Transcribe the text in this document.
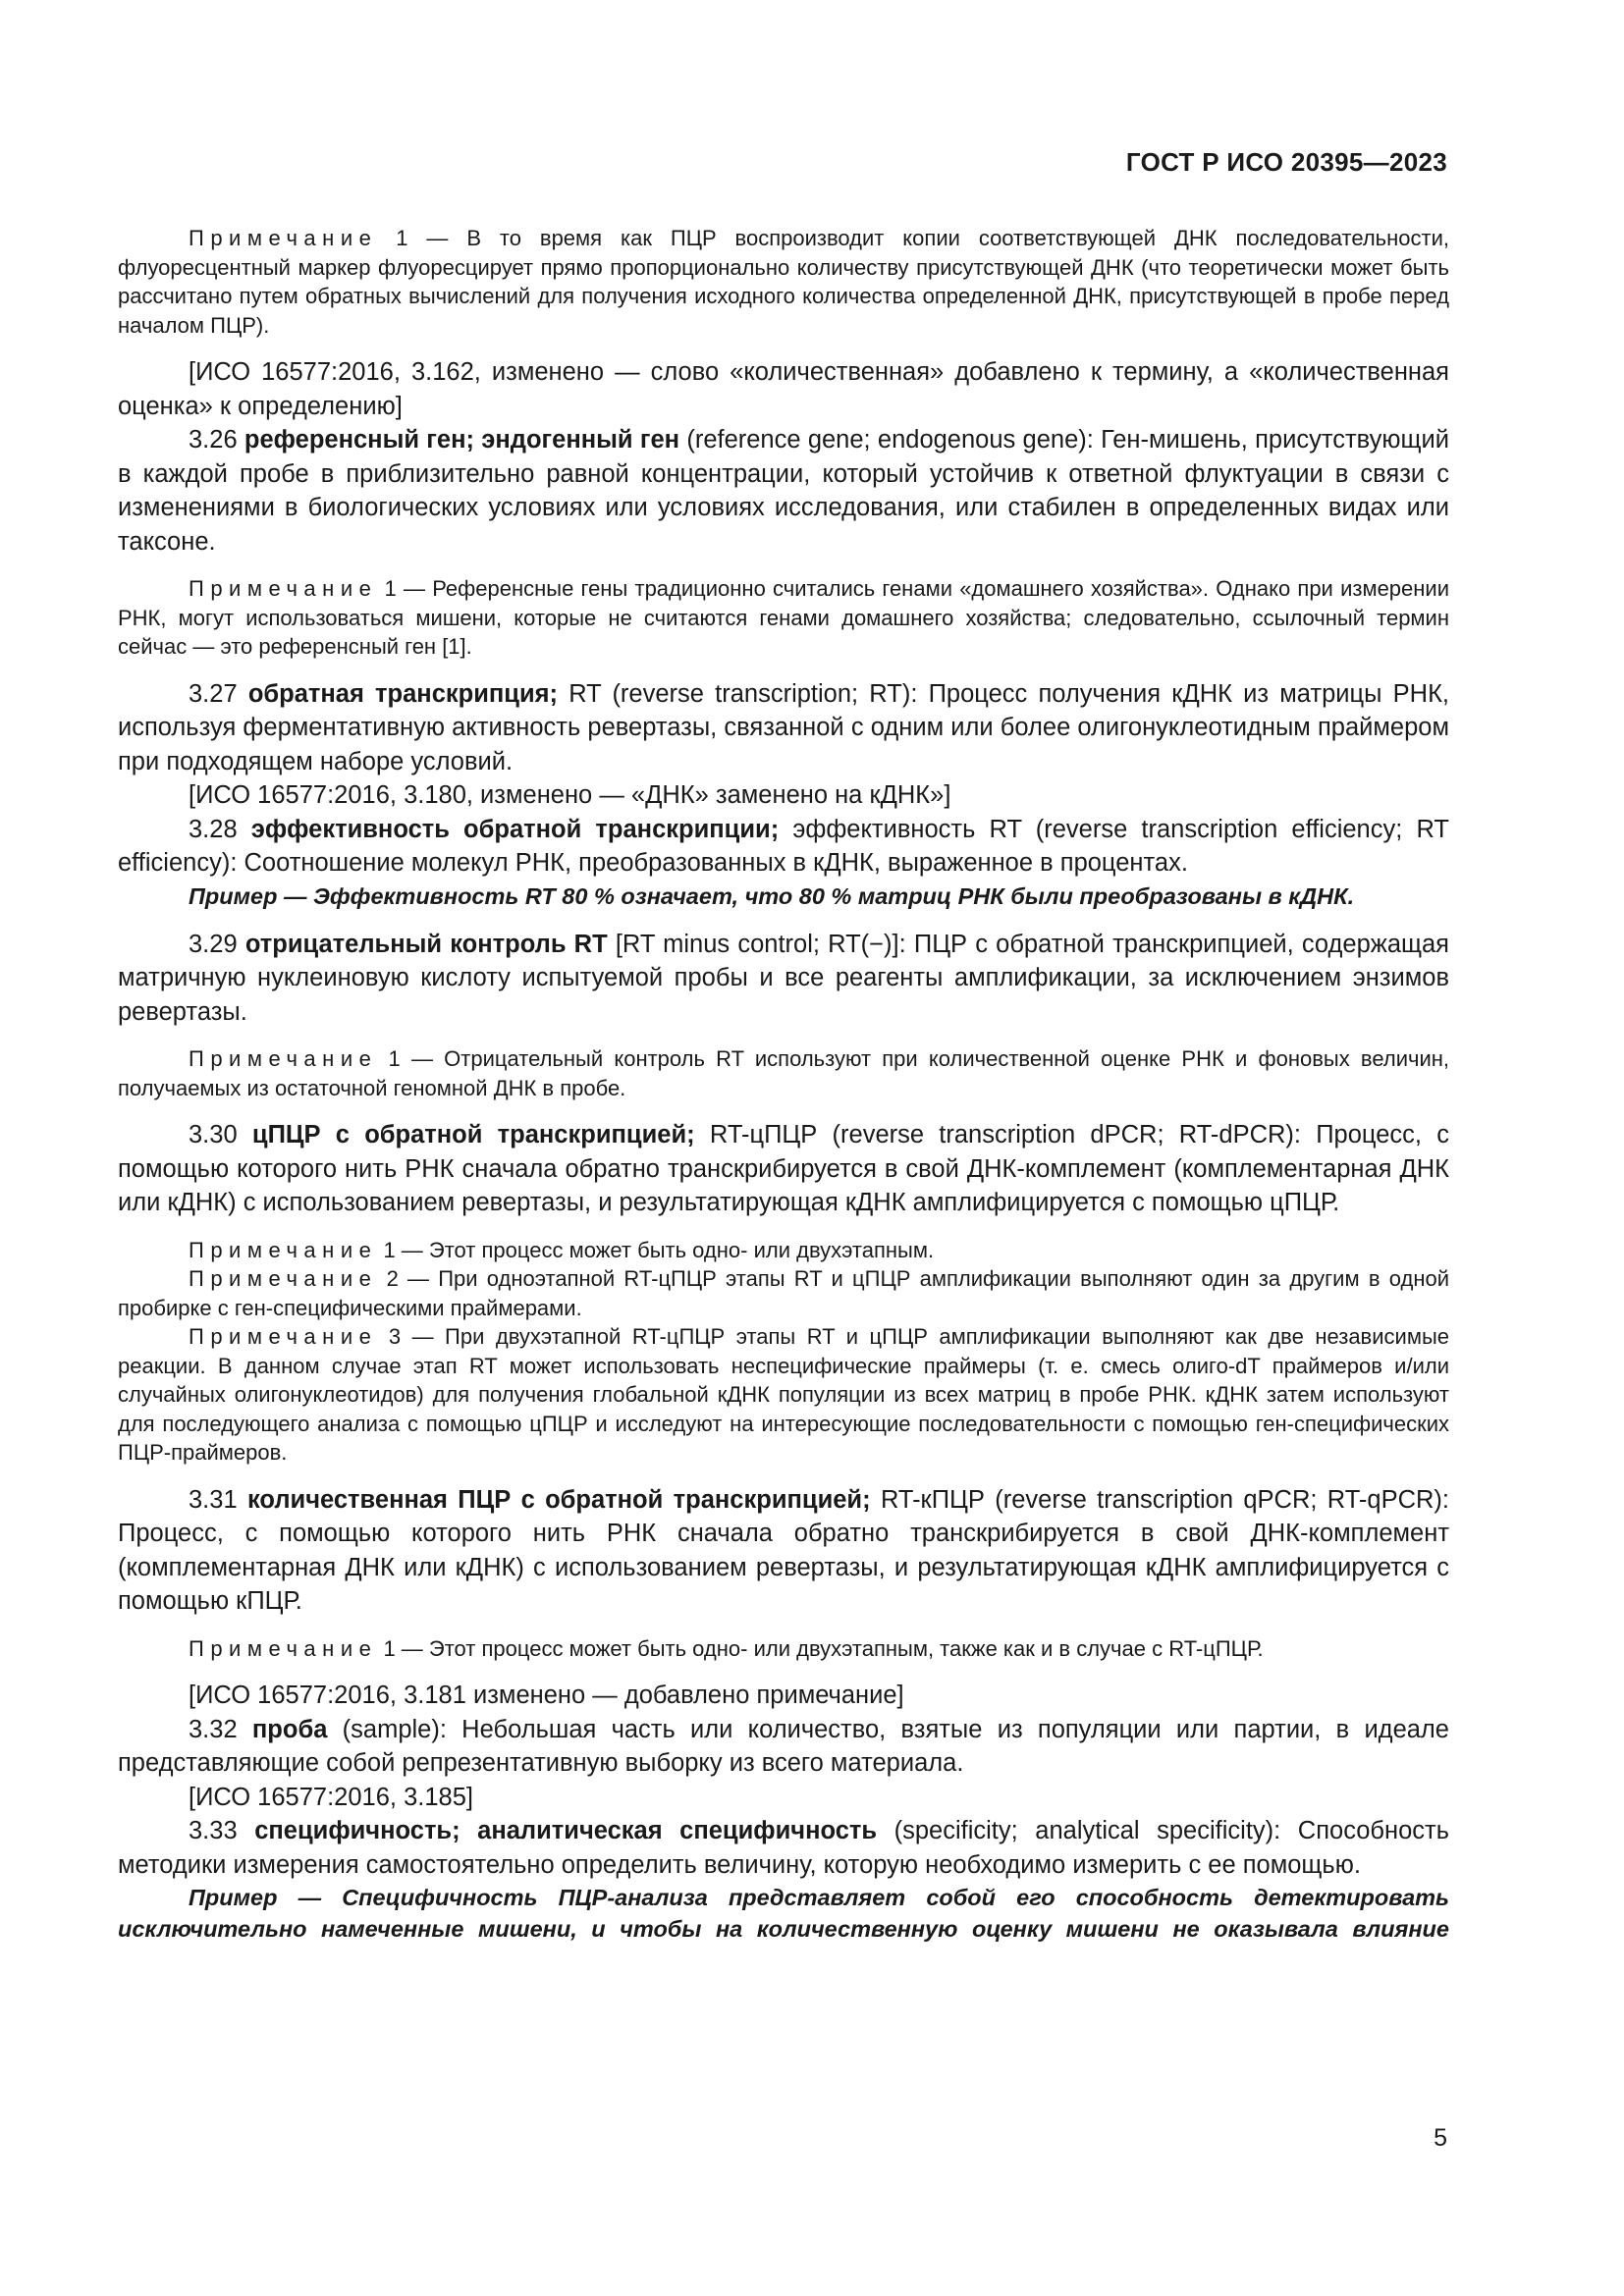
ГОСТ Р ИСО 20395—2023

Примечание 1 — В то время как ПЦР воспроизводит копии соответствующей ДНК последовательности, флуоресцентный маркер флуоресцирует прямо пропорционально количеству присутствующей ДНК (что теоретически может быть рассчитано путем обратных вычислений для получения исходного количества определенной ДНК, присутствующей в пробе перед началом ПЦР).

[ИСО 16577:2016, 3.162, изменено — слово «количественная» добавлено к термину, а «количественная оценка» к определению]

3.26 референсный ген; эндогенный ген (reference gene; endogenous gene): Ген-мишень, присутствующий в каждой пробе в приблизительно равной концентрации, который устойчив к ответной флуктуации в связи с изменениями в биологических условиях или условиях исследования, или стабилен в определенных видах или таксоне.

Примечание 1 — Референсные гены традиционно считались генами «домашнего хозяйства». Однако при измерении РНК, могут использоваться мишени, которые не считаются генами домашнего хозяйства; следовательно, ссылочный термин сейчас — это референсный ген [1].

3.27 обратная транскрипция; RT (reverse transcription; RT): Процесс получения кДНК из матрицы РНК, используя ферментативную активность ревертазы, связанной с одним или более олигонуклеотидным праймером при подходящем наборе условий.

[ИСО 16577:2016, 3.180, изменено — «ДНК» заменено на кДНК»]

3.28 эффективность обратной транскрипции; эффективность RT (reverse transcription efficiency; RT efficiency): Соотношение молекул РНК, преобразованных в кДНК, выраженное в процентах.

Пример — Эффективность RT 80 % означает, что 80 % матриц РНК были преобразованы в кДНК.

3.29 отрицательный контроль RT [RT minus control; RT(−)]: ПЦР с обратной транскрипцией, содержащая матричную нуклеиновую кислоту испытуемой пробы и все реагенты амплификации, за исключением энзимов ревертазы.

Примечание 1 — Отрицательный контроль RT используют при количественной оценке РНК и фоновых величин, получаемых из остаточной геномной ДНК в пробе.

3.30 цПЦР с обратной транскрипцией; RT-цПЦР (reverse transcription dPCR; RT-dPCR): Процесс, с помощью которого нить РНК сначала обратно транскрибируется в свой ДНК-комплемент (комплементарная ДНК или кДНК) с использованием ревертазы, и результатирующая кДНК амплифицируется с помощью цПЦР.

Примечание 1 — Этот процесс может быть одно- или двухэтапным.

Примечание 2 — При одноэтапной RT-цПЦР этапы RT и цПЦР амплификации выполняют один за другим в одной пробирке с ген-специфическими праймерами.

Примечание 3 — При двухэтапной RT-цПЦР этапы RT и цПЦР амплификации выполняют как две независимые реакции. В данном случае этап RT может использовать неспецифические праймеры (т. е. смесь олиго-dT праймеров и/или случайных олигонуклеотидов) для получения глобальной кДНК популяции из всех матриц в пробе РНК. кДНК затем используют для последующего анализа с помощью цПЦР и исследуют на интересующие последовательности с помощью ген-специфических ПЦР-праймеров.

3.31 количественная ПЦР с обратной транскрипцией; RT-кПЦР (reverse transcription qPCR; RT-qPCR): Процесс, с помощью которого нить РНК сначала обратно транскрибируется в свой ДНК-комплемент (комплементарная ДНК или кДНК) с использованием ревертазы, и результатирующая кДНК амплифицируется с помощью кПЦР.

Примечание 1 — Этот процесс может быть одно- или двухэтапным, также как и в случае с RT-цПЦР.

[ИСО 16577:2016, 3.181 изменено — добавлено примечание]

3.32 проба (sample): Небольшая часть или количество, взятые из популяции или партии, в идеале представляющие собой репрезентативную выборку из всего материала.

[ИСО 16577:2016, 3.185]

3.33 специфичность; аналитическая специфичность (specificity; analytical specificity): Способность методики измерения самостоятельно определить величину, которую необходимо измерить с ее помощью.

Пример — Специфичность ПЦР-анализа представляет собой его способность детектировать исключительно намеченные мишени, и чтобы на количественную оценку мишени не оказывала влияние

5
